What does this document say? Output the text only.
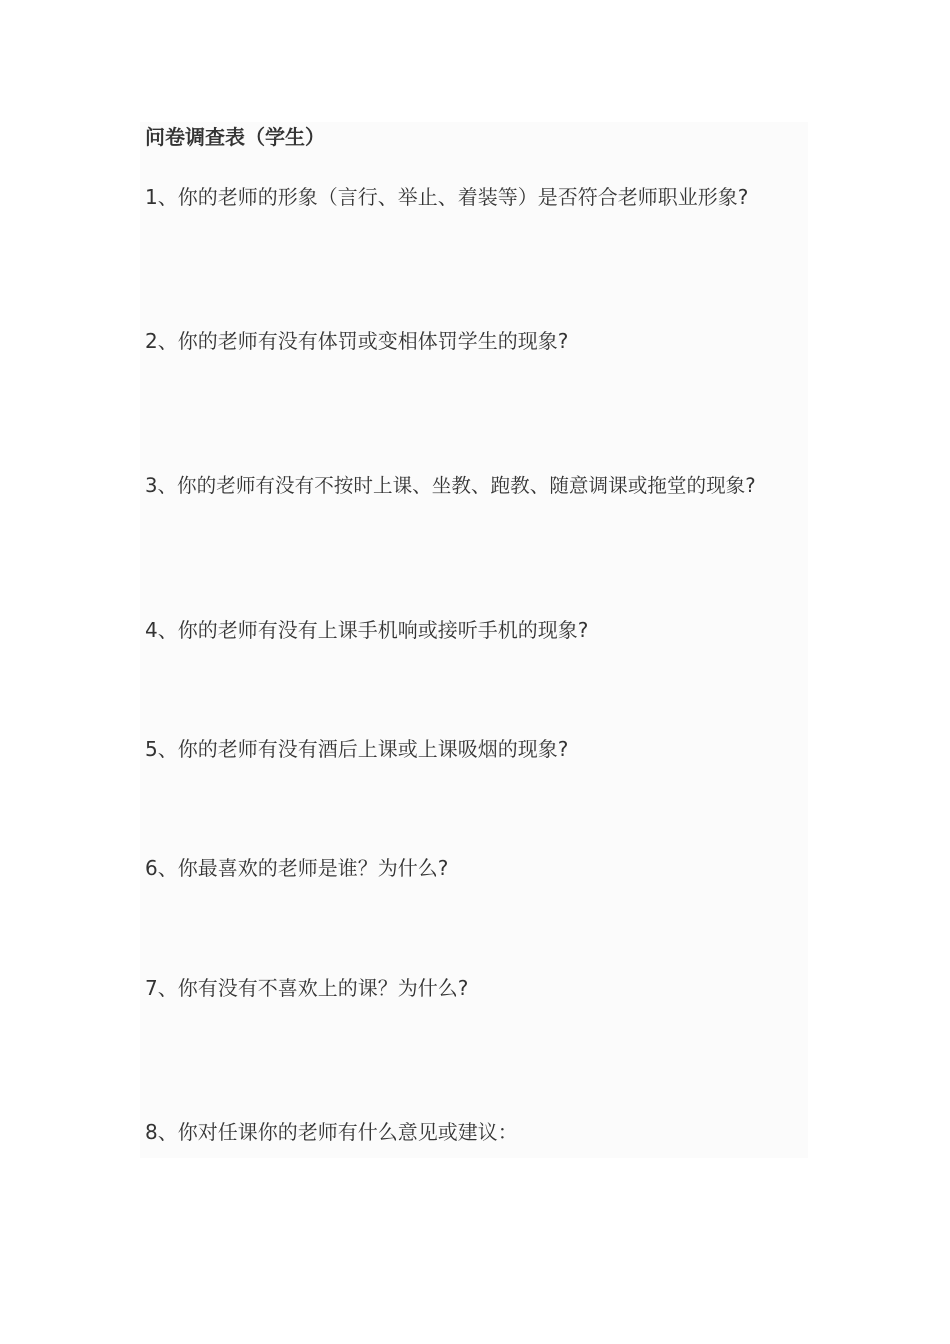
问卷调查表（学生）
1、你的老师的形象（言行、举止、着装等）是否符合老师职业形象?
2、你的老师有没有体罚或变相体罚学生的现象?
3、你的老师有没有不按时上课、坐教、跑教、随意调课或拖堂的现象?
4、你的老师有没有上课手机响或接听手机的现象?
5、你的老师有没有酒后上课或上课吸烟的现象?
6、你最喜欢的老师是谁？为什么?
7、你有没有不喜欢上的课？为什么?
8、你对任课你的老师有什么意见或建议：
